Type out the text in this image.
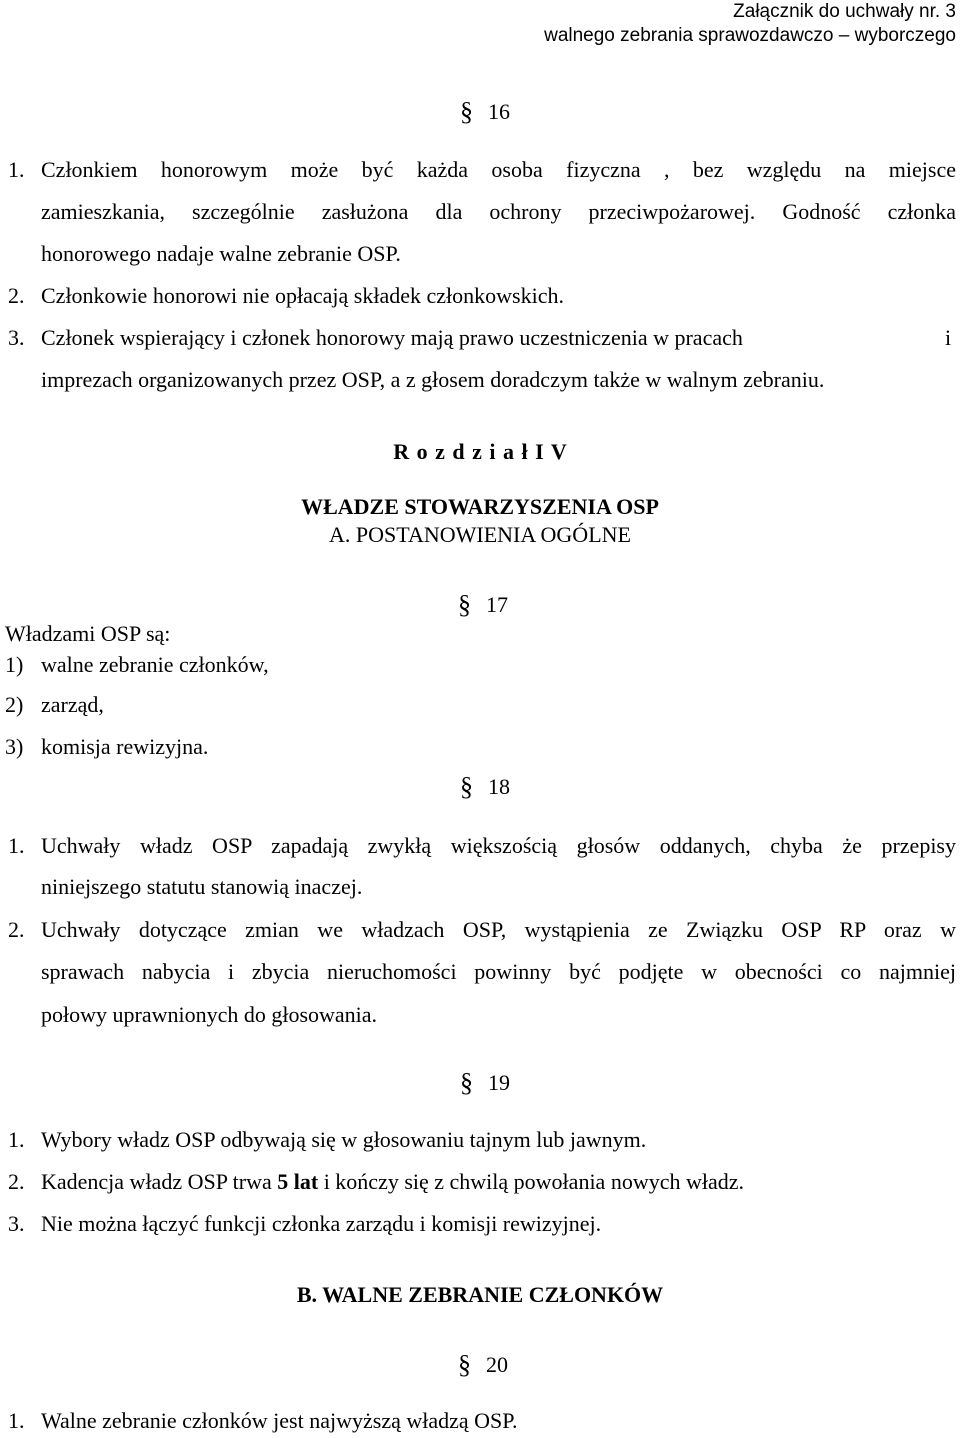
Załącznik do uchwały nr. 3
walnego zebrania sprawozdawczo – wyborczego
§ 16
1. Członkiem honorowym może być każda osoba fizyczna , bez względu na miejsce
zamieszkania, szczególnie zasłużona dla ochrony przeciwpożarowej. Godność członka
honorowego nadaje walne zebranie OSP.
2. Członkowie honorowi nie opłacają składek członkowskich.
3. Członek wspierający i członek honorowy mają prawo uczestniczenia w pracach	i
imprezach organizowanych przez OSP, a z głosem doradczym także w walnym zebraniu.
R o z d z i a ł I V
WŁADZE STOWARZYSZENIA OSP
A. POSTANOWIENIA OGÓLNE
§ 17
Władzami OSP są:
1) walne zebranie członków,
2) zarząd,
3) komisja rewizyjna.
§ 18
1. Uchwały władz OSP zapadają zwykłą większością głosów oddanych, chyba że przepisy
niniejszego statutu stanowią inaczej.
2. Uchwały dotyczące zmian we władzach OSP, wystąpienia ze Związku OSP RP oraz w
sprawach nabycia i zbycia nieruchomości powinny być podjęte w obecności co najmniej
połowy uprawnionych do głosowania.
§ 19
1. Wybory władz OSP odbywają się w głosowaniu tajnym lub jawnym.
2. Kadencja władz OSP trwa 5 lat i kończy się z chwilą powołania nowych władz.
3. Nie można łączyć funkcji członka zarządu i komisji rewizyjnej.
B. WALNE ZEBRANIE CZŁONKÓW
§ 20
1. Walne zebranie członków jest najwyższą władzą OSP.
